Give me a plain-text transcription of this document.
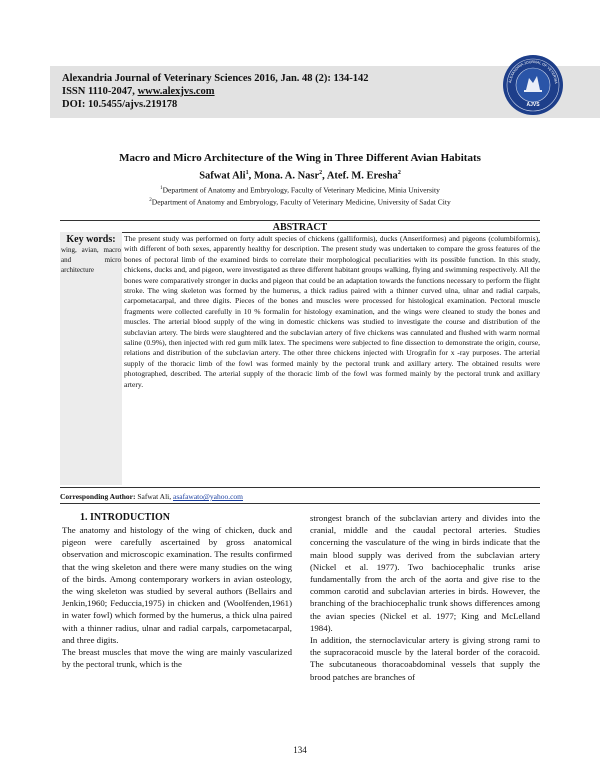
Alexandria Journal of Veterinary Sciences 2016, Jan. 48 (2): 134-142
ISSN 1110-2047, www.alexjvs.com
DOI: 10.5455/ajvs.219178
ALEXANDRIA JOURNAL OF VETERINA
AJVS
Macro and Micro Architecture of the Wing in Three Different Avian Habitats
Safwat Ali$^1$, Mona. A. Nasr$^2$, Atef. M. Eresha$^2$
$^1$Department of Anatomy and Embryology, Faculty of Veterinary Medicine, Minia University
$^2$Department of Anatomy and Embryology, Faculty of Veterinary Medicine, University of Sadat City
ABSTRACT
Key words:
wing, avian, macro and micro architecture
The present study was performed on forty adult species of chickens (galliformis), ducks (Anseriformes) and pigeons (columbiformis), with different of both sexes, apparently healthy for description. The present study was undertaken to compare the gross features of the bones of pectoral limb of the examined birds to correlate their morphological peculiarities with its possible function. In this study, chickens, ducks and, and pigeon, were investigated as three different habitant groups walking, flying and swimming respectively. All the bones were comparatively stronger in ducks and pigeon that could be an adaptation towards the functions necessary to perform the flight stroke. The wing skeleton was formed by the humerus, a thick radius paired with a thinner curved ulna, ulnar and radial carpals, carpometacarpal, and three digits. Pieces of the bones and muscles were processed for histological examination. Pectoral muscle fragments were collected carefully in 10 % formalin for histology examination, and the wings were cleaned to study the bones and muscles. The arterial blood supply of the wing in domestic chickens was studied to investigate the course and distribution of the subclavian artery. The birds were slaughtered and the subclavian artery of five chickens was cannulated and flushed with warm normal saline (0.9%), then injected with red gum milk latex. The specimens were subjected to fine dissection to demonstrate the origin, course, relations and distribution of the subclavian artery. The other three chickens injected with Urografin for x -ray purposes. The arterial supply of the thoracic limb of the fowl was formed mainly by the pectoral trunk and axillary artery. The obtained results were photographed, described. The arterial supply of the thoracic limb of the fowl was formed mainly by the pectoral trunk and axillary artery.
Corresponding Author: Safwat Ali, asafawato@yahoo.com
1. INTRODUCTION

The anatomy and histology of the wing of chicken, duck and pigeon were carefully ascertained by gross anatomical observation and microscopic examination. The results confirmed that the wing skeleton and there were many studies on the wing of the birds. Among contemporary workers in avian osteology, the wing skeleton was studied by several authors (Bellairs and Jenkin,1960; Feduccia,1975) in chicken and (Woolfenden,1961) in water fowl) which formed by the humerus, a thick ulna paired with a thinner radius, ulnar and radial carpals, carpometacarpal, and three digits.

The breast muscles that move the wing are mainly vascularized by the pectoral trunk, which is the

strongest branch of the subclavian artery and divides into the cranial, middle and the caudal pectoral arteries. Studies concerning the vasculature of the wing in birds indicate that the main blood supply was derived from the subclavian artery (Nickel et al. 1977). Two bachiocephalic trunks arise fundamentally from the arch of the aorta and give rise to the common carotid and subclavian arteries in birds. However, the branching of the brachiocephalic trunk shows differences among the avian species (Nickel et al. 1977; King and McLelland 1984).

In addition, the sternoclavicular artery is giving strong rami to the supracoracoid muscle by the lateral border of the coracoid. The subcutaneous thoracoabdominal vessels that supply the brood patches are branches of

134
